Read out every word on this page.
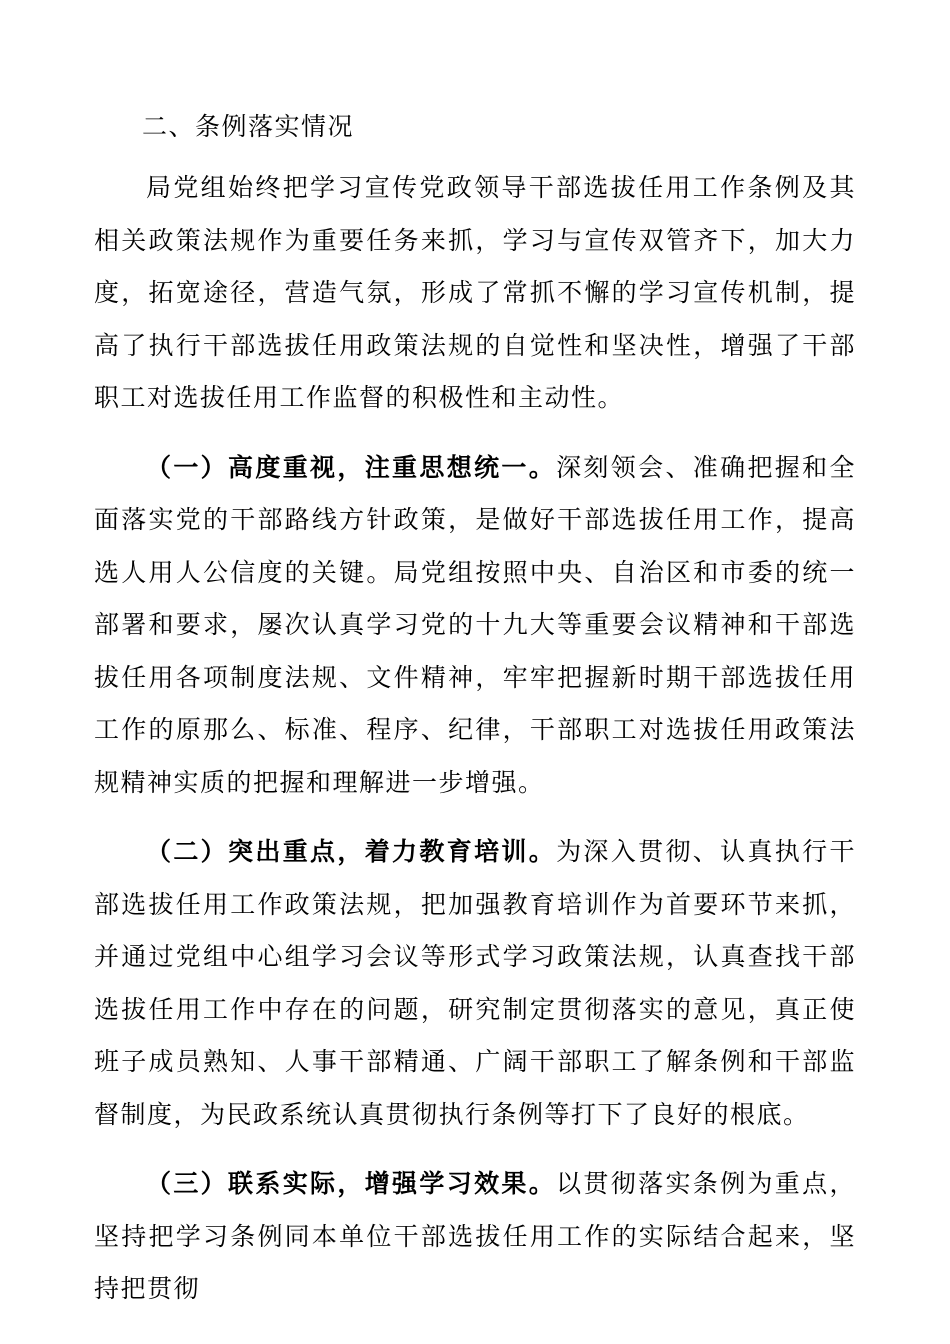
二、条例落实情况

局党组始终把学习宣传党政领导干部选拔任用工作条例及其相关政策法规作为重要任务来抓，学习与宣传双管齐下，加大力度，拓宽途径，营造气氛，形成了常抓不懈的学习宣传机制，提高了执行干部选拔任用政策法规的自觉性和坚决性，增强了干部职工对选拔任用工作监督的积极性和主动性。

（一）高度重视，注重思想统一。深刻领会、准确把握和全面落实党的干部路线方针政策，是做好干部选拔任用工作，提高选人用人公信度的关键。局党组按照中央、自治区和市委的统一部署和要求，屡次认真学习党的十九大等重要会议精神和干部选拔任用各项制度法规、文件精神，牢牢把握新时期干部选拔任用工作的原那么、标准、程序、纪律，干部职工对选拔任用政策法规精神实质的把握和理解进一步增强。

（二）突出重点，着力教育培训。为深入贯彻、认真执行干部选拔任用工作政策法规，把加强教育培训作为首要环节来抓，并通过党组中心组学习会议等形式学习政策法规，认真查找干部选拔任用工作中存在的问题，研究制定贯彻落实的意见，真正使班子成员熟知、人事干部精通、广阔干部职工了解条例和干部监督制度，为民政系统认真贯彻执行条例等打下了良好的根底。

（三）联系实际，增强学习效果。以贯彻落实条例为重点，坚持把学习条例同本单位干部选拔任用工作的实际结合起来，坚持把贯彻
